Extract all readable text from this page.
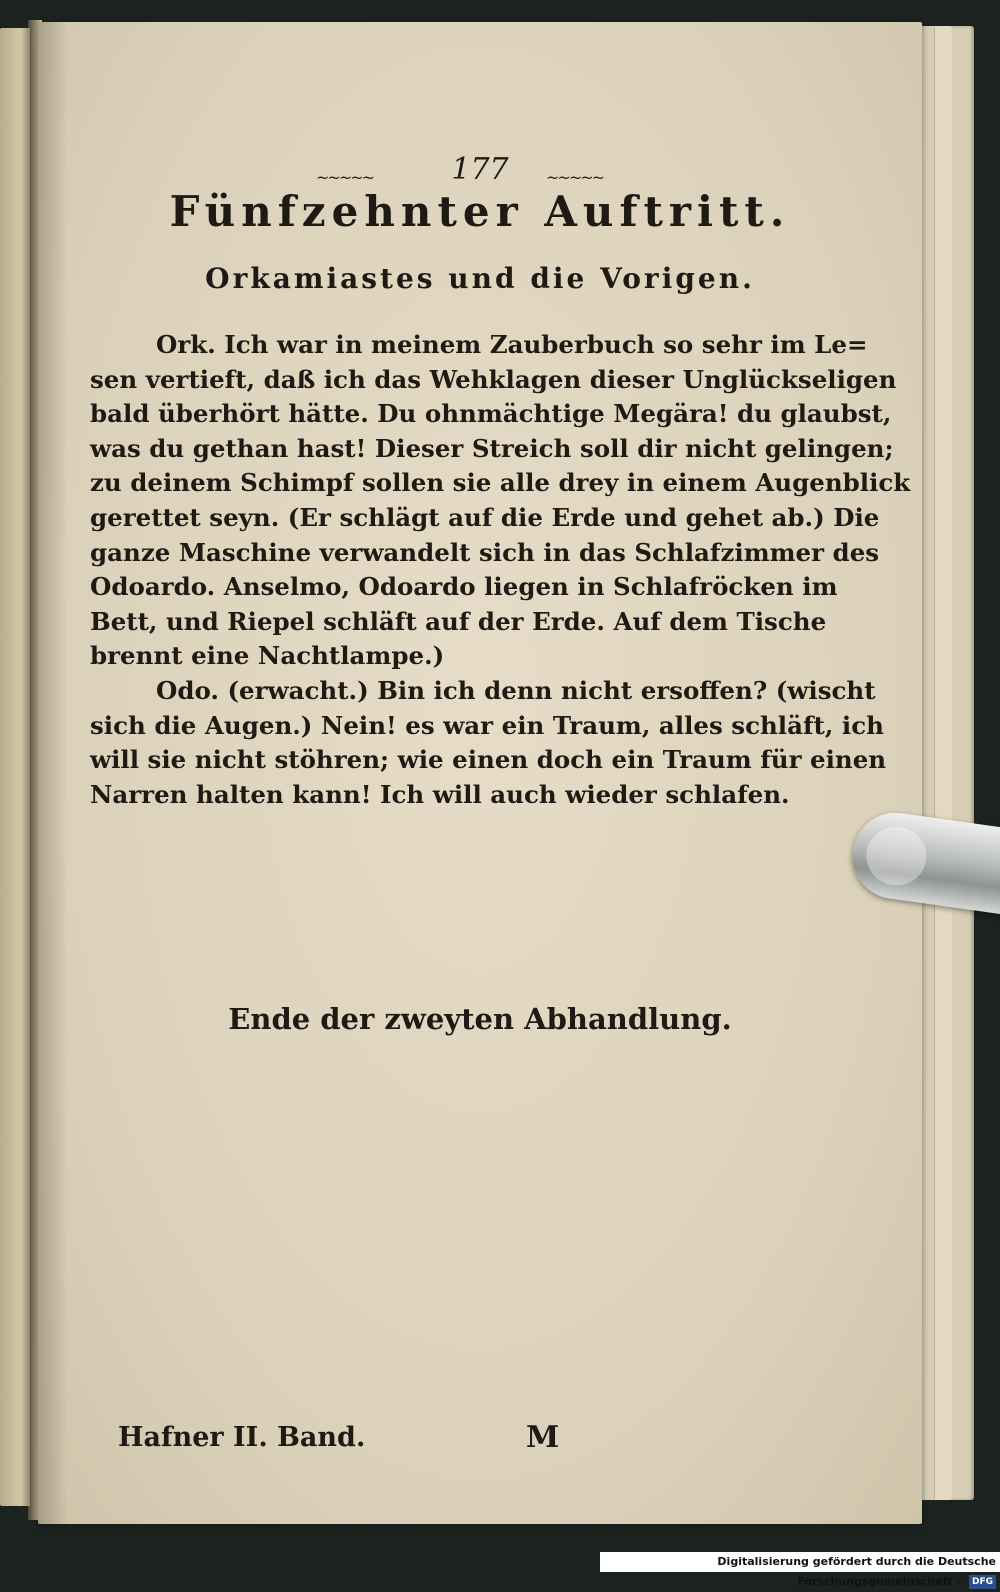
~~~~~	177	~~~~~
Fünfzehnter Auftritt.
Orkamiastes und die Vorigen.
Ork. Ich war in meinem Zauberbuch so sehr im Le=
sen vertieft, daß ich das Wehklagen dieser Unglückseligen
bald überhört hätte. Du ohnmächtige Megära! du glaubst,
was du gethan hast! Dieser Streich soll dir nicht gelingen;
zu deinem Schimpf sollen sie alle drey in einem Augenblick
gerettet seyn. (Er schlägt auf die Erde und gehet ab.) Die
ganze Maschine verwandelt sich in das Schlafzimmer des
Odoardo. Anselmo, Odoardo liegen in Schlafröcken im
Bett, und Riepel schläft auf der Erde. Auf dem Tische
brennt eine Nachtlampe.)
Odo. (erwacht.) Bin ich denn nicht ersoffen? (wischt
sich die Augen.) Nein! es war ein Traum, alles schläft, ich
will sie nicht stöhren; wie einen doch ein Traum für einen
Narren halten kann! Ich will auch wieder schlafen.
Ende der zweyten Abhandlung.
Hafner II. Band.	M
Digitalisierung gefördert durch die Deutsche Forschungsgemeinschaft - DFG
